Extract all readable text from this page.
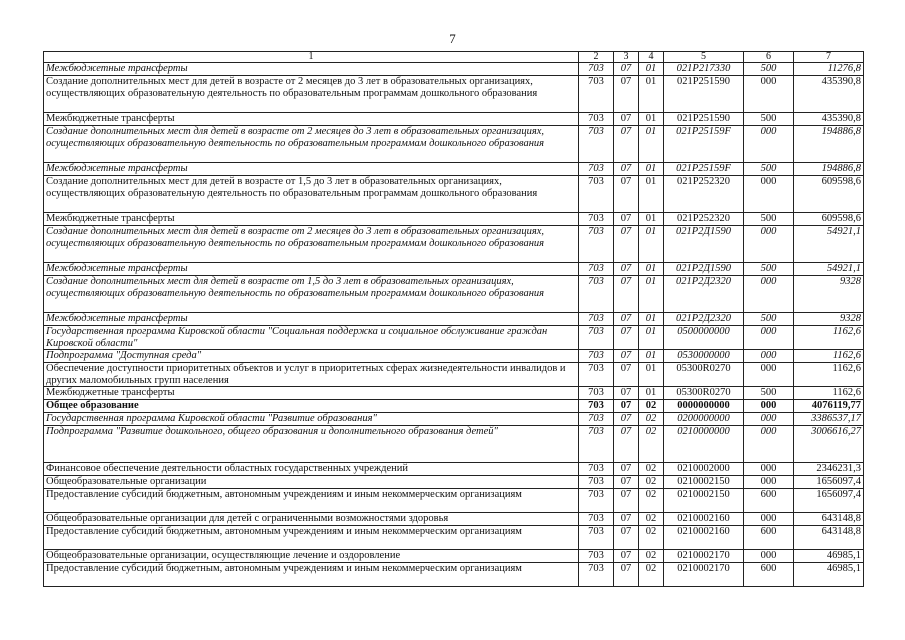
7
1	2	3	4	5	6	7
Межбюджетные трансферты	703	07	01	021P217330	500	11276,8
Создание дополнительных мест для детей в возрасте от 2 месяцев до 3 лет в образовательных организациях, осуществляющих образовательную деятельность по образовательным программам дошкольного образования	703	07	01	021P251590	000	435390,8
Межбюджетные трансферты	703	07	01	021P251590	500	435390,8
Создание дополнительных мест для детей в возрасте от 2 месяцев до 3 лет в образовательных организациях, осуществляющих образовательную деятельность по образовательным программам дошкольного образования	703	07	01	021P25159F	000	194886,8
Межбюджетные трансферты	703	07	01	021P25159F	500	194886,8
Создание дополнительных мест для детей в возрасте от 1,5 до 3 лет в образовательных организациях, осуществляющих образовательную деятельность по образовательным программам дошкольного образования	703	07	01	021P252320	000	609598,6
Межбюджетные трансферты	703	07	01	021P252320	500	609598,6
Создание дополнительных мест для детей в возрасте от 2 месяцев до 3 лет в образовательных организациях, осуществляющих образовательную деятельность по образовательным программам дошкольного образования	703	07	01	021P2Д1590	000	54921,1
Межбюджетные трансферты	703	07	01	021P2Д1590	500	54921,1
Создание дополнительных мест для детей в возрасте от 1,5 до 3 лет в образовательных организациях, осуществляющих образовательную деятельность по образовательным программам дошкольного образования	703	07	01	021P2Д2320	000	9328
Межбюджетные трансферты	703	07	01	021P2Д2320	500	9328
Государственная программа Кировской области "Социальная поддержка и социальное обслуживание граждан Кировской области"	703	07	01	0500000000	000	1162,6
Подпрограмма "Доступная среда"	703	07	01	0530000000	000	1162,6
Обеспечение доступности приоритетных объектов и услуг в приоритетных сферах жизнедеятельности инвалидов и других маломобильных групп населения	703	07	01	05300R0270	000	1162,6
Межбюджетные трансферты	703	07	01	05300R0270	500	1162,6
Общее образование	703	07	02	0000000000	000	4076119,77
Государственная программа Кировской области "Развитие образования"	703	07	02	0200000000	000	3386537,17
Подпрограмма "Развитие дошкольного, общего образования и дополнительного образования детей"	703	07	02	0210000000	000	3006616,27
Финансовое обеспечение деятельности областных государственных учреждений	703	07	02	0210002000	000	2346231,3
Общеобразовательные организации	703	07	02	0210002150	000	1656097,4
Предоставление субсидий бюджетным, автономным учреждениям и иным некоммерческим организациям	703	07	02	0210002150	600	1656097,4
Общеобразовательные организации для детей с ограниченными возможностями здоровья	703	07	02	0210002160	000	643148,8
Предоставление субсидий бюджетным, автономным учреждениям и иным некоммерческим организациям	703	07	02	0210002160	600	643148,8
Общеобразовательные организации, осуществляющие лечение и оздоровление	703	07	02	0210002170	000	46985,1
Предоставление субсидий бюджетным, автономным учреждениям и иным некоммерческим организациям	703	07	02	0210002170	600	46985,1
